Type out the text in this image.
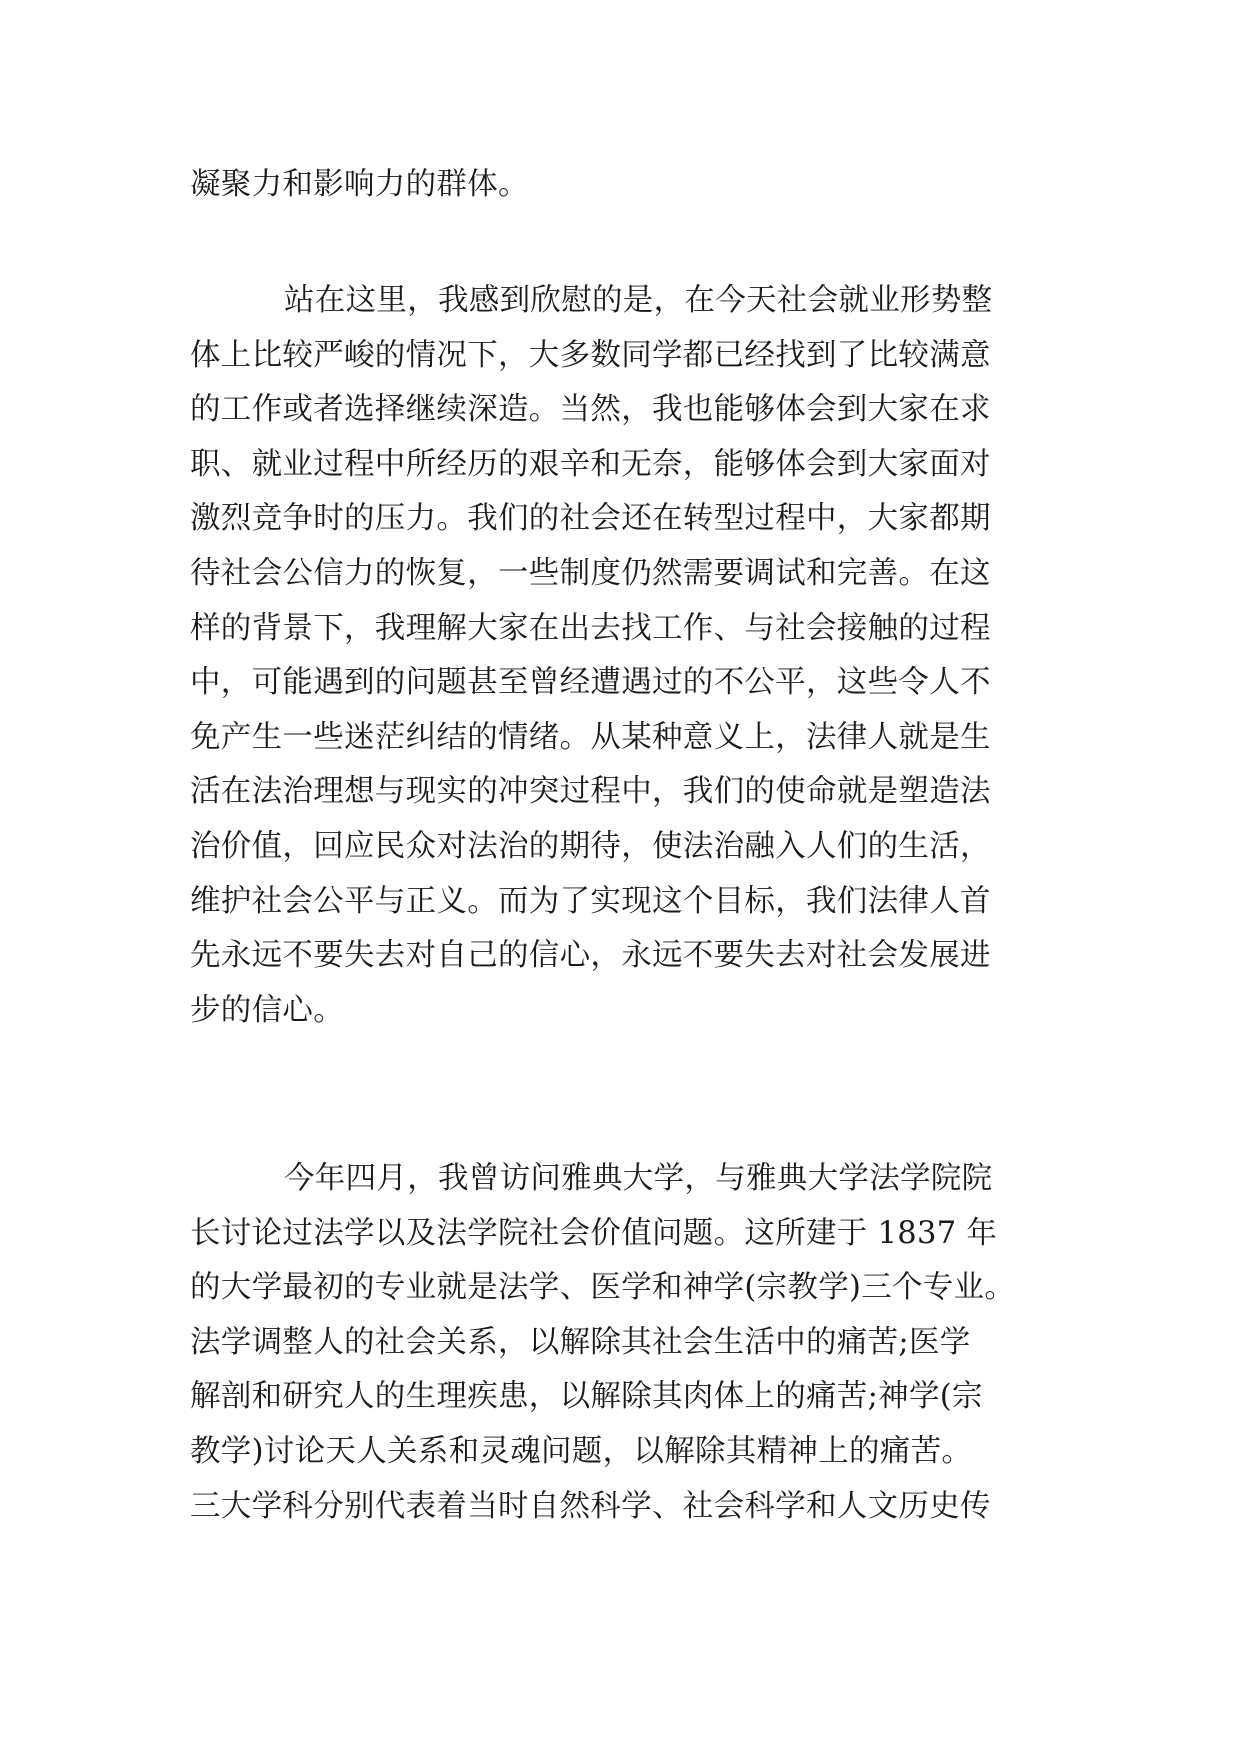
凝聚力和影响力的群体。
站在这里，我感到欣慰的是，在今天社会就业形势整
体上比较严峻的情况下，大多数同学都已经找到了比较满意
的工作或者选择继续深造。当然，我也能够体会到大家在求
职、就业过程中所经历的艰辛和无奈，能够体会到大家面对
激烈竞争时的压力。我们的社会还在转型过程中，大家都期
待社会公信力的恢复，一些制度仍然需要调试和完善。在这
样的背景下，我理解大家在出去找工作、与社会接触的过程
中，可能遇到的问题甚至曾经遭遇过的不公平，这些令人不
免产生一些迷茫纠结的情绪。从某种意义上，法律人就是生
活在法治理想与现实的冲突过程中，我们的使命就是塑造法
治价值，回应民众对法治的期待，使法治融入人们的生活，
维护社会公平与正义。而为了实现这个目标，我们法律人首
先永远不要失去对自己的信心，永远不要失去对社会发展进
步的信心。
今年四月，我曾访问雅典大学，与雅典大学法学院院
长讨论过法学以及法学院社会价值问题。这所建于 1837 年
的大学最初的专业就是法学、医学和神学(宗教学)三个专业。
法学调整人的社会关系，以解除其社会生活中的痛苦;医学
解剖和研究人的生理疾患，以解除其肉体上的痛苦;神学(宗
教学)讨论天人关系和灵魂问题，以解除其精神上的痛苦。
三大学科分别代表着当时自然科学、社会科学和人文历史传
